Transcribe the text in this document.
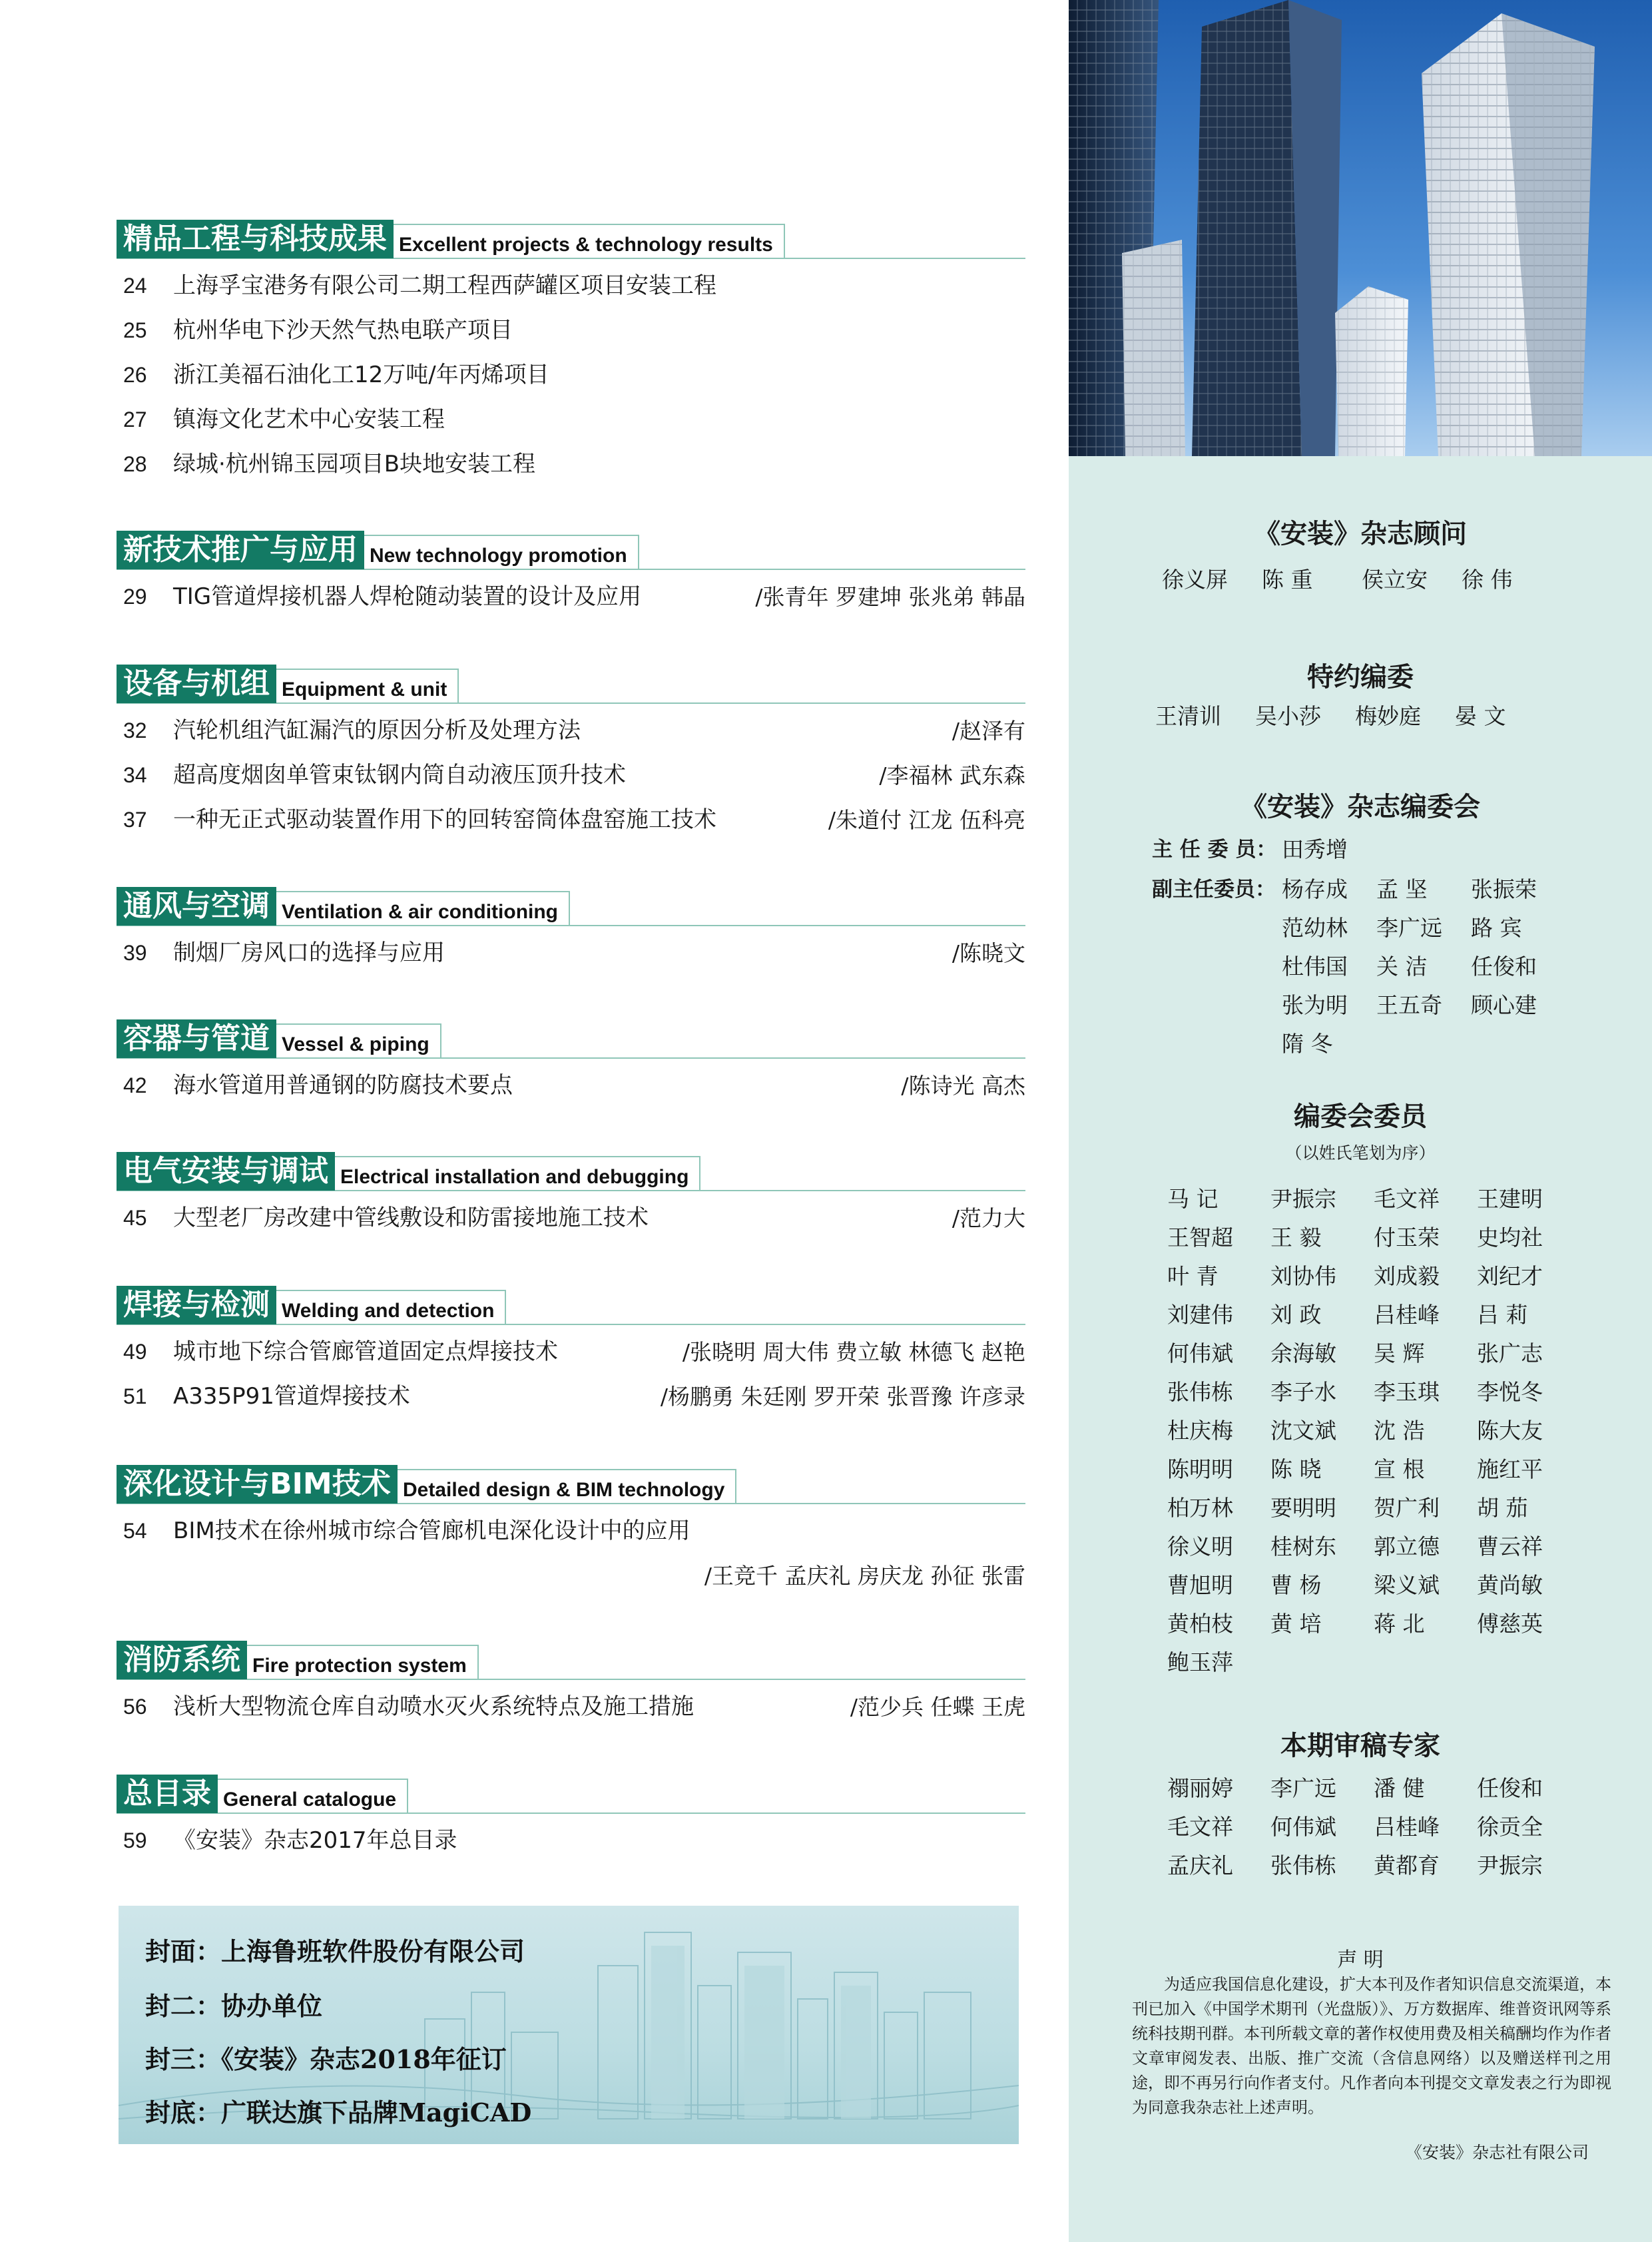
精品工程与科技成果 Excellent projects & technology results
24 上海孚宝港务有限公司二期工程西萨罐区项目安装工程
25 杭州华电下沙天然气热电联产项目
26 浙江美福石油化工12万吨/年丙烯项目
27 镇海文化艺术中心安装工程
28 绿城·杭州锦玉园项目B块地安装工程
新技术推广与应用 New technology promotion
29 TIG管道焊接机器人焊枪随动装置的设计及应用	/张青年 罗建坤 张兆弟 韩晶
设备与机组 Equipment & unit
32 汽轮机组汽缸漏汽的原因分析及处理方法	/赵泽有
34 超高度烟囱单管束钛钢内筒自动液压顶升技术	/李福林 武东森
37 一种无正式驱动装置作用下的回转窑筒体盘窑施工技术	/朱道付 江龙 伍科亮
通风与空调 Ventilation & air conditioning
39 制烟厂房风口的选择与应用	/陈晓文
容器与管道 Vessel & piping
42 海水管道用普通钢的防腐技术要点	/陈诗光 高杰
电气安装与调试 Electrical installation and debugging
45 大型老厂房改建中管线敷设和防雷接地施工技术	/范力大
焊接与检测 Welding and detection
49 城市地下综合管廊管道固定点焊接技术	/张晓明 周大伟 费立敏 林德飞 赵艳
51 A335P91管道焊接技术	/杨鹏勇 朱廷刚 罗开荣 张晋豫 许彦录
深化设计与BIM技术 Detailed design & BIM technology
54 BIM技术在徐州城市综合管廊机电深化设计中的应用
/王竞千 孟庆礼 房庆龙 孙征 张雷
消防系统 Fire protection system
56 浅析大型物流仓库自动喷水灭火系统特点及施工措施	/范少兵 任蝶 王虎
总目录 General catalogue
59 《安装》杂志2017年总目录
封面：上海鲁班软件股份有限公司
封二：协办单位
封三：《安装》杂志2018年征订
封底：广联达旗下品牌MagiCAD
《安装》杂志顾问
徐义屏 陈 重 侯立安 徐 伟
特约编委
王清训 吴小莎 梅妙庭 晏 文
《安装》杂志编委会
主 任 委 员： 田秀增
副主任委员： 杨存成 孟 坚 张振荣
范幼林 李广远 路 宾
杜伟国 关 洁 任俊和
张为明 王五奇 顾心建
隋 冬
编委会委员
（以姓氏笔划为序）
马 记 尹振宗 毛文祥 王建明
王智超 王 毅 付玉荣 史均社
叶 青 刘协伟 刘成毅 刘纪才
刘建伟 刘 政 吕桂峰 吕 莉
何伟斌 余海敏 吴 辉 张广志
张伟栋 李子水 李玉琪 李悦冬
杜庆梅 沈文斌 沈 浩 陈大友
陈明明 陈 晓 宣 根 施红平
柏万林 要明明 贺广利 胡 茄
徐义明 桂树东 郭立德 曹云祥
曹旭明 曹 杨 梁义斌 黄尚敏
黄柏枝 黄 培 蒋 北 傅慈英
鲍玉萍
本期审稿专家
禤丽婷 李广远 潘 健 任俊和
毛文祥 何伟斌 吕桂峰 徐贡全
孟庆礼 张伟栋 黄都育 尹振宗
声 明
为适应我国信息化建设，扩大本刊及作者知识信息交流渠道，本刊已加入《中国学术期刊（光盘版）》、万方数据库、维普资讯网等系统科技期刊群。本刊所载文章的著作权使用费及相关稿酬均作为作者文章审阅发表、出版、推广交流（含信息网络）以及赠送样刊之用途，即不再另行向作者支付。凡作者向本刊提交文章发表之行为即视为同意我杂志社上述声明。
《安装》杂志社有限公司
